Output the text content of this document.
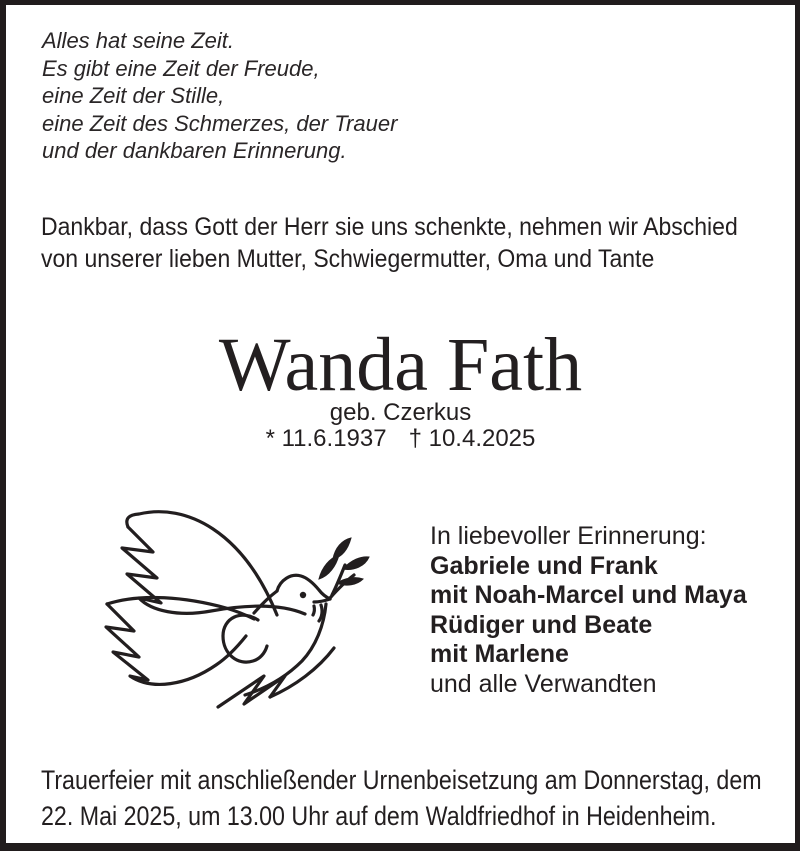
Alles hat seine Zeit.
Es gibt eine Zeit der Freude,
eine Zeit der Stille,
eine Zeit des Schmerzes, der Trauer
und der dankbaren Erinnerung.
Dankbar, dass Gott der Herr sie uns schenkte, nehmen wir Abschied
von unserer lieben Mutter, Schwiegermutter, Oma und Tante
Wanda Fath
geb. Czerkus
* 11.6.1937 † 10.4.2025
In liebevoller Erinnerung:
Gabriele und Frank
mit Noah-Marcel und Maya
Rüdiger und Beate
mit Marlene
und alle Verwandten
Trauerfeier mit anschließender Urnenbeisetzung am Donnerstag, dem
22. Mai 2025, um 13.00 Uhr auf dem Waldfriedhof in Heidenheim.
